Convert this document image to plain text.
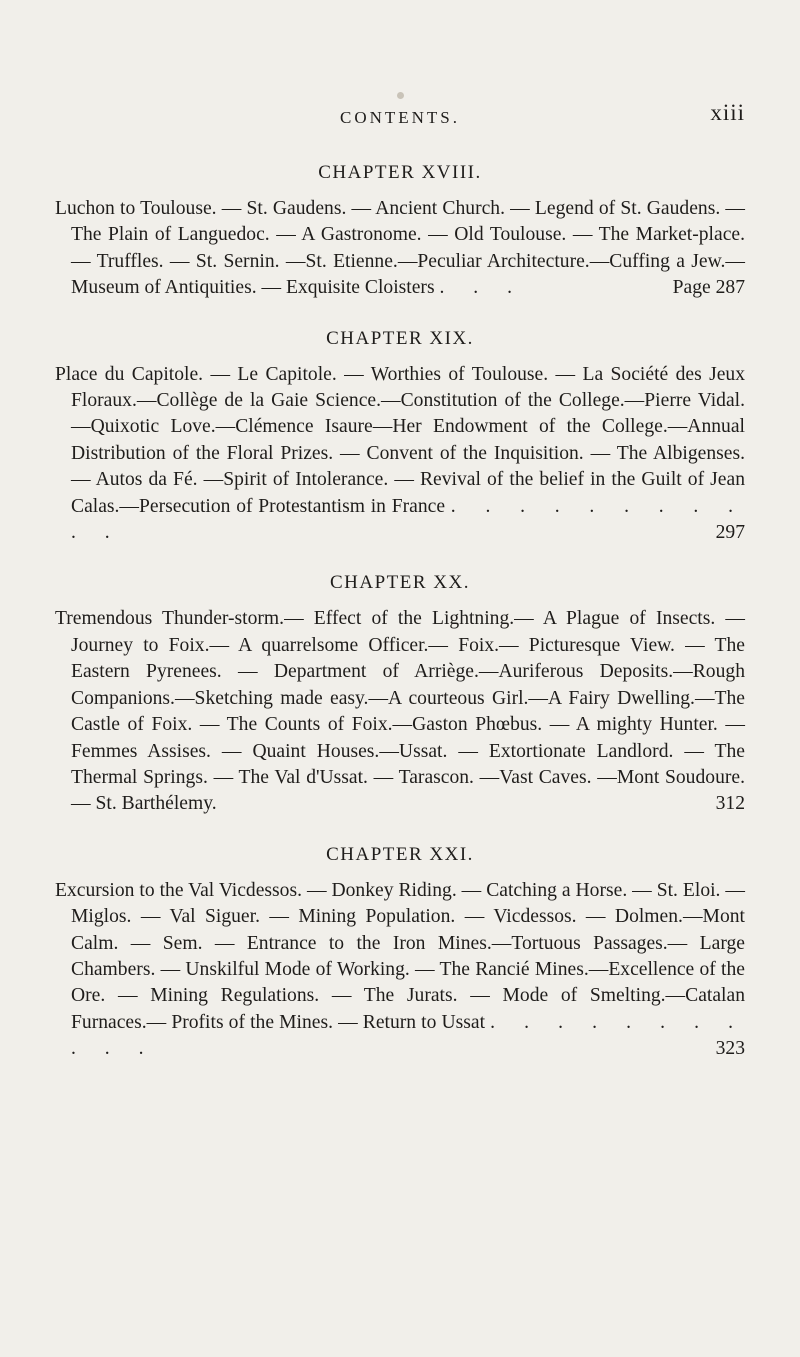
CONTENTS.	xiii
CHAPTER XVIII.

Luchon to Toulouse. — St. Gaudens. — Ancient Church. — Legend of St. Gaudens. —The Plain of Languedoc. — A Gastronome. — Old Toulouse. — The Market-place. — Truffles. — St. Sernin. —St. Etienne.—Peculiar Architecture.—Cuffing a Jew.—Museum of Antiquities. — Exquisite Cloisters . . .	Page 287

CHAPTER XIX.

Place du Capitole. — Le Capitole. — Worthies of Toulouse. — La Société des Jeux Floraux.—Collège de la Gaie Science.—Constitution of the College.—Pierre Vidal.—Quixotic Love.—Clémence Isaure—Her Endowment of the College.—Annual Distribution of the Floral Prizes. — Convent of the Inquisition. — The Albigenses. — Autos da Fé. —Spirit of Intolerance. — Revival of the belief in the Guilt of Jean Calas.—Persecution of Protestantism in France . . . . . . . . . . .	297

CHAPTER XX.

Tremendous Thunder-storm.— Effect of the Lightning.— A Plague of Insects. — Journey to Foix.— A quarrelsome Officer.— Foix.— Picturesque View. — The Eastern Pyrenees. — Department of Arriège.—Auriferous Deposits.—Rough Companions.—Sketching made easy.—A courteous Girl.—A Fairy Dwelling.—The Castle of Foix. — The Counts of Foix.—Gaston Phœbus. — A mighty Hunter. — Femmes Assises. — Quaint Houses.—Ussat. — Extortionate Landlord. — The Thermal Springs. — The Val d'Ussat. — Tarascon. —Vast Caves. —Mont Soudoure. — St. Barthélemy.	312

CHAPTER XXI.

Excursion to the Val Vicdessos. — Donkey Riding. — Catching a Horse. — St. Eloi. — Miglos. — Val Siguer. — Mining Population. — Vicdessos. — Dolmen.—Mont Calm. — Sem. — Entrance to the Iron Mines.—Tortuous Passages.— Large Chambers. — Unskilful Mode of Working. — The Rancié Mines.—Excellence of the Ore. — Mining Regulations. — The Jurats. — Mode of Smelting.—Catalan Furnaces.— Profits of the Mines. — Return to Ussat . . . . . . . . . . .	323
